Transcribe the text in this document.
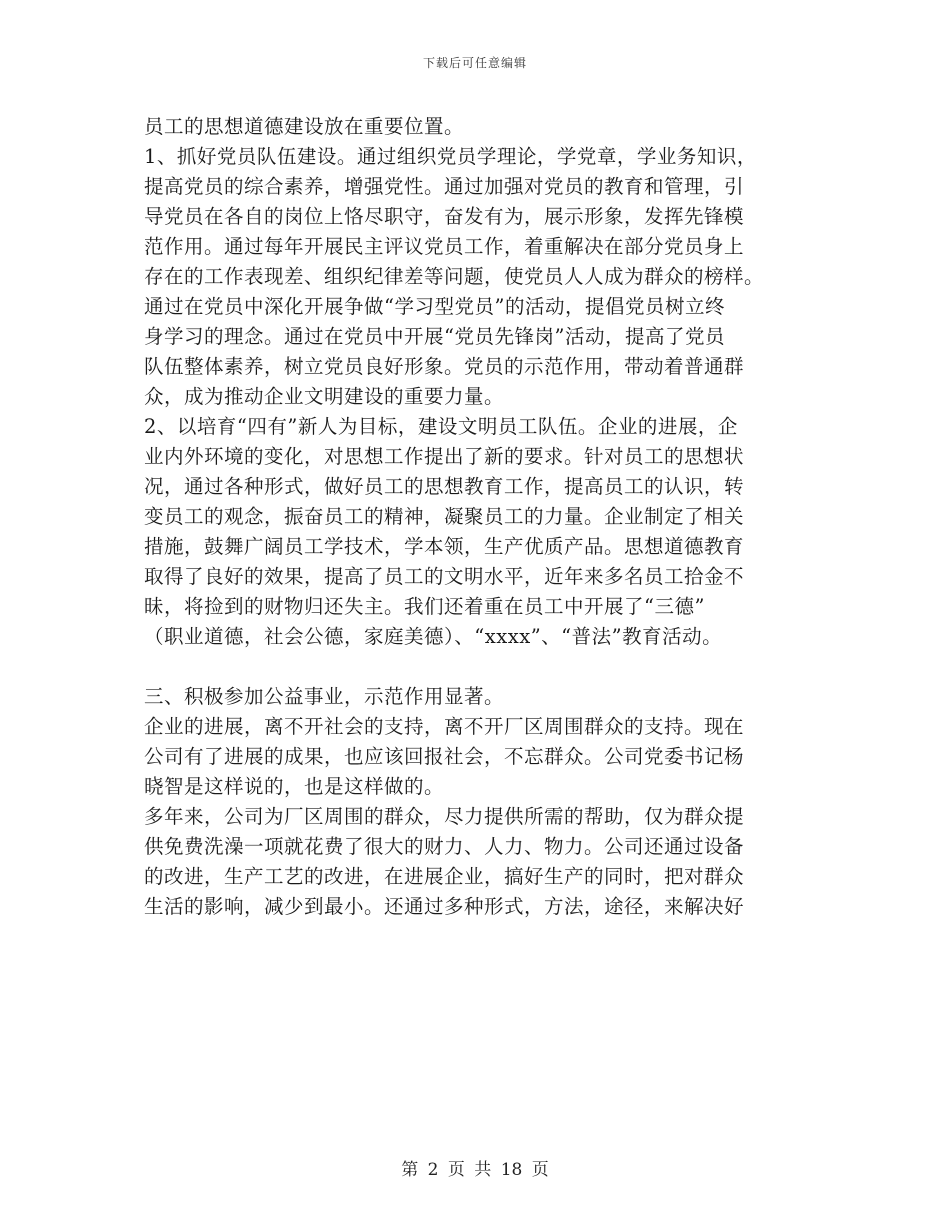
下载后可任意编辑
员工的思想道德建设放在重要位置。
1、抓好党员队伍建设。通过组织党员学理论，学党章，学业务知识，
提高党员的综合素养，增强党性。通过加强对党员的教育和管理，引
导党员在各自的岗位上恪尽职守，奋发有为，展示形象，发挥先锋模
范作用。通过每年开展民主评议党员工作，着重解决在部分党员身上
存在的工作表现差、组织纪律差等问题，使党员人人成为群众的榜样。
通过在党员中深化开展争做“学习型党员”的活动，提倡党员树立终
身学习的理念。通过在党员中开展“党员先锋岗”活动，提高了党员
队伍整体素养，树立党员良好形象。党员的示范作用，带动着普通群
众，成为推动企业文明建设的重要力量。
2、以培育“四有”新人为目标，建设文明员工队伍。企业的进展，企
业内外环境的变化，对思想工作提出了新的要求。针对员工的思想状
况，通过各种形式，做好员工的思想教育工作，提高员工的认识，转
变员工的观念，振奋员工的精神，凝聚员工的力量。企业制定了相关
措施，鼓舞广阔员工学技术，学本领，生产优质产品。思想道德教育
取得了良好的效果，提高了员工的文明水平，近年来多名员工拾金不
昧，将捡到的财物归还失主。我们还着重在员工中开展了“三德”
（职业道德，社会公德，家庭美德）、“xxxx”、“普法”教育活动。
三、积极参加公益事业，示范作用显著。
企业的进展，离不开社会的支持，离不开厂区周围群众的支持。现在
公司有了进展的成果，也应该回报社会，不忘群众。公司党委书记杨
晓智是这样说的，也是这样做的。
多年来，公司为厂区周围的群众，尽力提供所需的帮助，仅为群众提
供免费洗澡一项就花费了很大的财力、人力、物力。公司还通过设备
的改进，生产工艺的改进，在进展企业，搞好生产的同时，把对群众
生活的影响，减少到最小。还通过多种形式，方法，途径，来解决好
第 2 页 共 18 页
